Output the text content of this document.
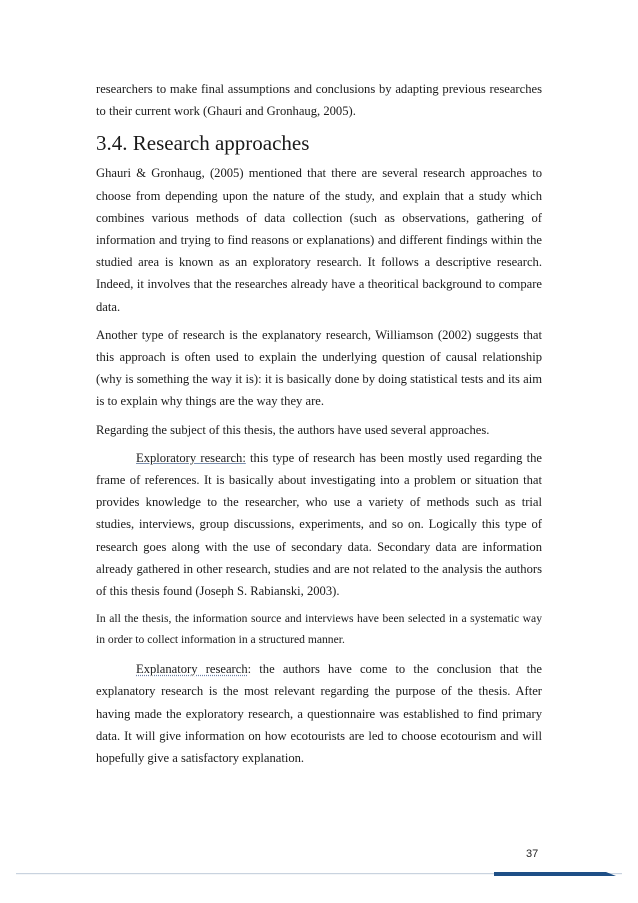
researchers to make final assumptions and conclusions by adapting previous researches to their current work (Ghauri and Gronhaug, 2005).

3.4. Research approaches

Ghauri & Gronhaug, (2005) mentioned that there are several research approaches to choose from depending upon the nature of the study, and explain that a study which combines various methods of data collection (such as observations, gathering of information and trying to find reasons or explanations) and different findings within the studied area is known as an exploratory research. It follows a descriptive research. Indeed, it involves that the researches already have a theoritical background to compare data.

Another type of research is the explanatory research, Williamson (2002) suggests that this approach is often used to explain the underlying question of causal relationship (why is something the way it is): it is basically done by doing statistical tests and its aim is to explain why things are the way they are.

Regarding the subject of this thesis, the authors have used several approaches.

Exploratory research: this type of research has been mostly used regarding the frame of references. It is basically about investigating into a problem or situation that provides knowledge to the researcher, who use a variety of methods such as trial studies, interviews, group discussions, experiments, and so on. Logically this type of research goes along with the use of secondary data. Secondary data are information already gathered in other research, studies and are not related to the analysis the authors of this thesis found (Joseph S. Rabianski, 2003).

In all the thesis, the information source and interviews have been selected in a systematic way in order to collect information in a structured manner.

Explanatory research: the authors have come to the conclusion that the explanatory research is the most relevant regarding the purpose of the thesis. After having made the exploratory research, a questionnaire was established to find primary data. It will give information on how ecotourists are led to choose ecotourism and will hopefully give a satisfactory explanation.

37
